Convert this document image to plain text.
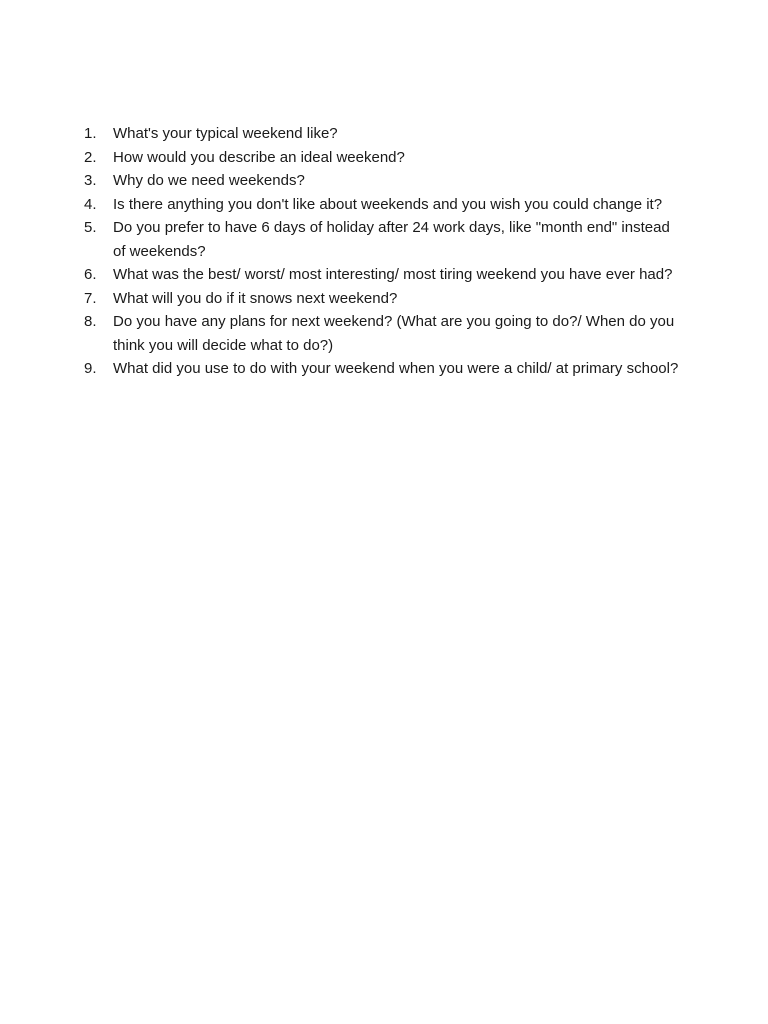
1.	What's your typical weekend like?
2.	How would you describe an ideal weekend?
3.	Why do we need weekends?
4.	Is there anything you don't like about weekends and you wish you could change it?
5.	Do you prefer to have 6 days of holiday after 24 work days, like "month end" instead of weekends?
6.	What was the best/ worst/ most interesting/ most tiring weekend you have ever had?
7.	What will you do if it snows next weekend?
8.	Do you have any plans for next weekend? (What are you going to do?/ When do you think you will decide what to do?)
9.	What did you use to do with your weekend when you were a child/ at primary school?
